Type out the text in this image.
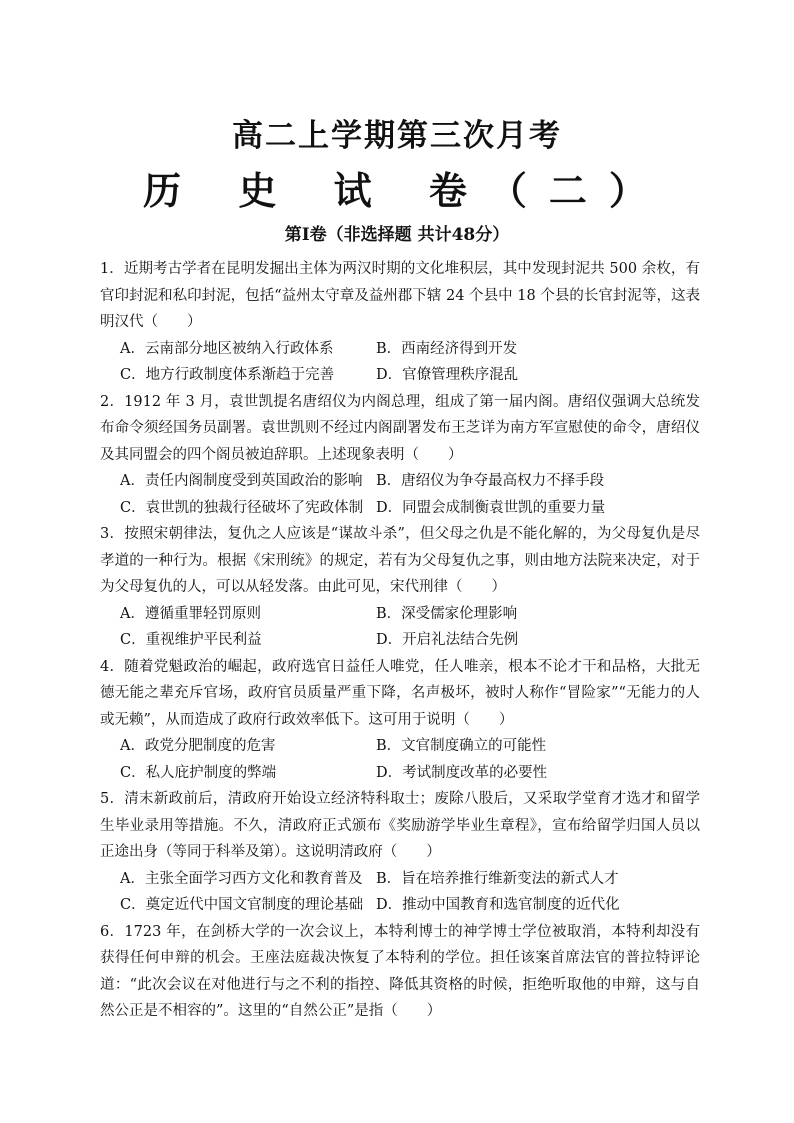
高二上学期第三次月考
历 史 试 卷（二）
第Ⅰ卷（非选择题 共计48分）

1．近期考古学者在昆明发掘出主体为两汉时期的文化堆积层，其中发现封泥共 500 余枚，有官印封泥和私印封泥，包括“益州太守章及益州郡下辖 24 个县中 18 个县的长官封泥等，这表明汉代（　　）

A．云南部分地区被纳入行政体系	B．西南经济得到开发
C．地方行政制度体系渐趋于完善	D．官僚管理秩序混乱

2．1912 年 3 月，袁世凯提名唐绍仪为内阁总理，组成了第一届内阁。唐绍仪强调大总统发布命令须经国务员副署。袁世凯则不经过内阁副署发布王芝详为南方军宣慰使的命令，唐绍仪及其同盟会的四个阁员被迫辞职。上述现象表明（　　）

A．责任内阁制度受到英国政治的影响 B．唐绍仪为争夺最高权力不择手段
C．袁世凯的独裁行径破坏了宪政体制 D．同盟会成制衡袁世凯的重要力量

3．按照宋朝律法，复仇之人应该是“谋故斗杀”，但父母之仇是不能化解的，为父母复仇是尽孝道的一种行为。根据《宋刑统》的规定，若有为父母复仇之事，则由地方法院来决定，对于为父母复仇的人，可以从轻发落。由此可见，宋代刑律（　　）

A．遵循重罪轻罚原则	B．深受儒家伦理影响
C．重视维护平民利益	D．开启礼法结合先例

4．随着党魁政治的崛起，政府选官日益任人唯党，任人唯亲，根本不论才干和品格，大批无德无能之辈充斥官场，政府官员质量严重下降，名声极坏，被时人称作“冒险家”“无能力的人或无赖”，从而造成了政府行政效率低下。这可用于说明（　　）

A．政党分肥制度的危害	B．文官制度确立的可能性
C．私人庇护制度的弊端	D．考试制度改革的必要性

5．清末新政前后，清政府开始设立经济特科取士；废除八股后，又采取学堂育才选才和留学生毕业录用等措施。不久，清政府正式颁布《奖励游学毕业生章程》，宣布给留学归国人员以正途出身（等同于科举及第）。这说明清政府（　　）

A．主张全面学习西方文化和教育普及 B．旨在培养推行维新变法的新式人才
C．奠定近代中国文官制度的理论基础 D．推动中国教育和选官制度的近代化

6．1723 年，在剑桥大学的一次会议上，本特利博士的神学博士学位被取消，本特利却没有获得任何申辩的机会。王座法庭裁决恢复了本特利的学位。担任该案首席法官的普拉特评论道：“此次会议在对他进行与之不利的指控、降低其资格的时候，拒绝听取他的申辩，这与自然公正是不相容的”。这里的“自然公正”是指（　　）
